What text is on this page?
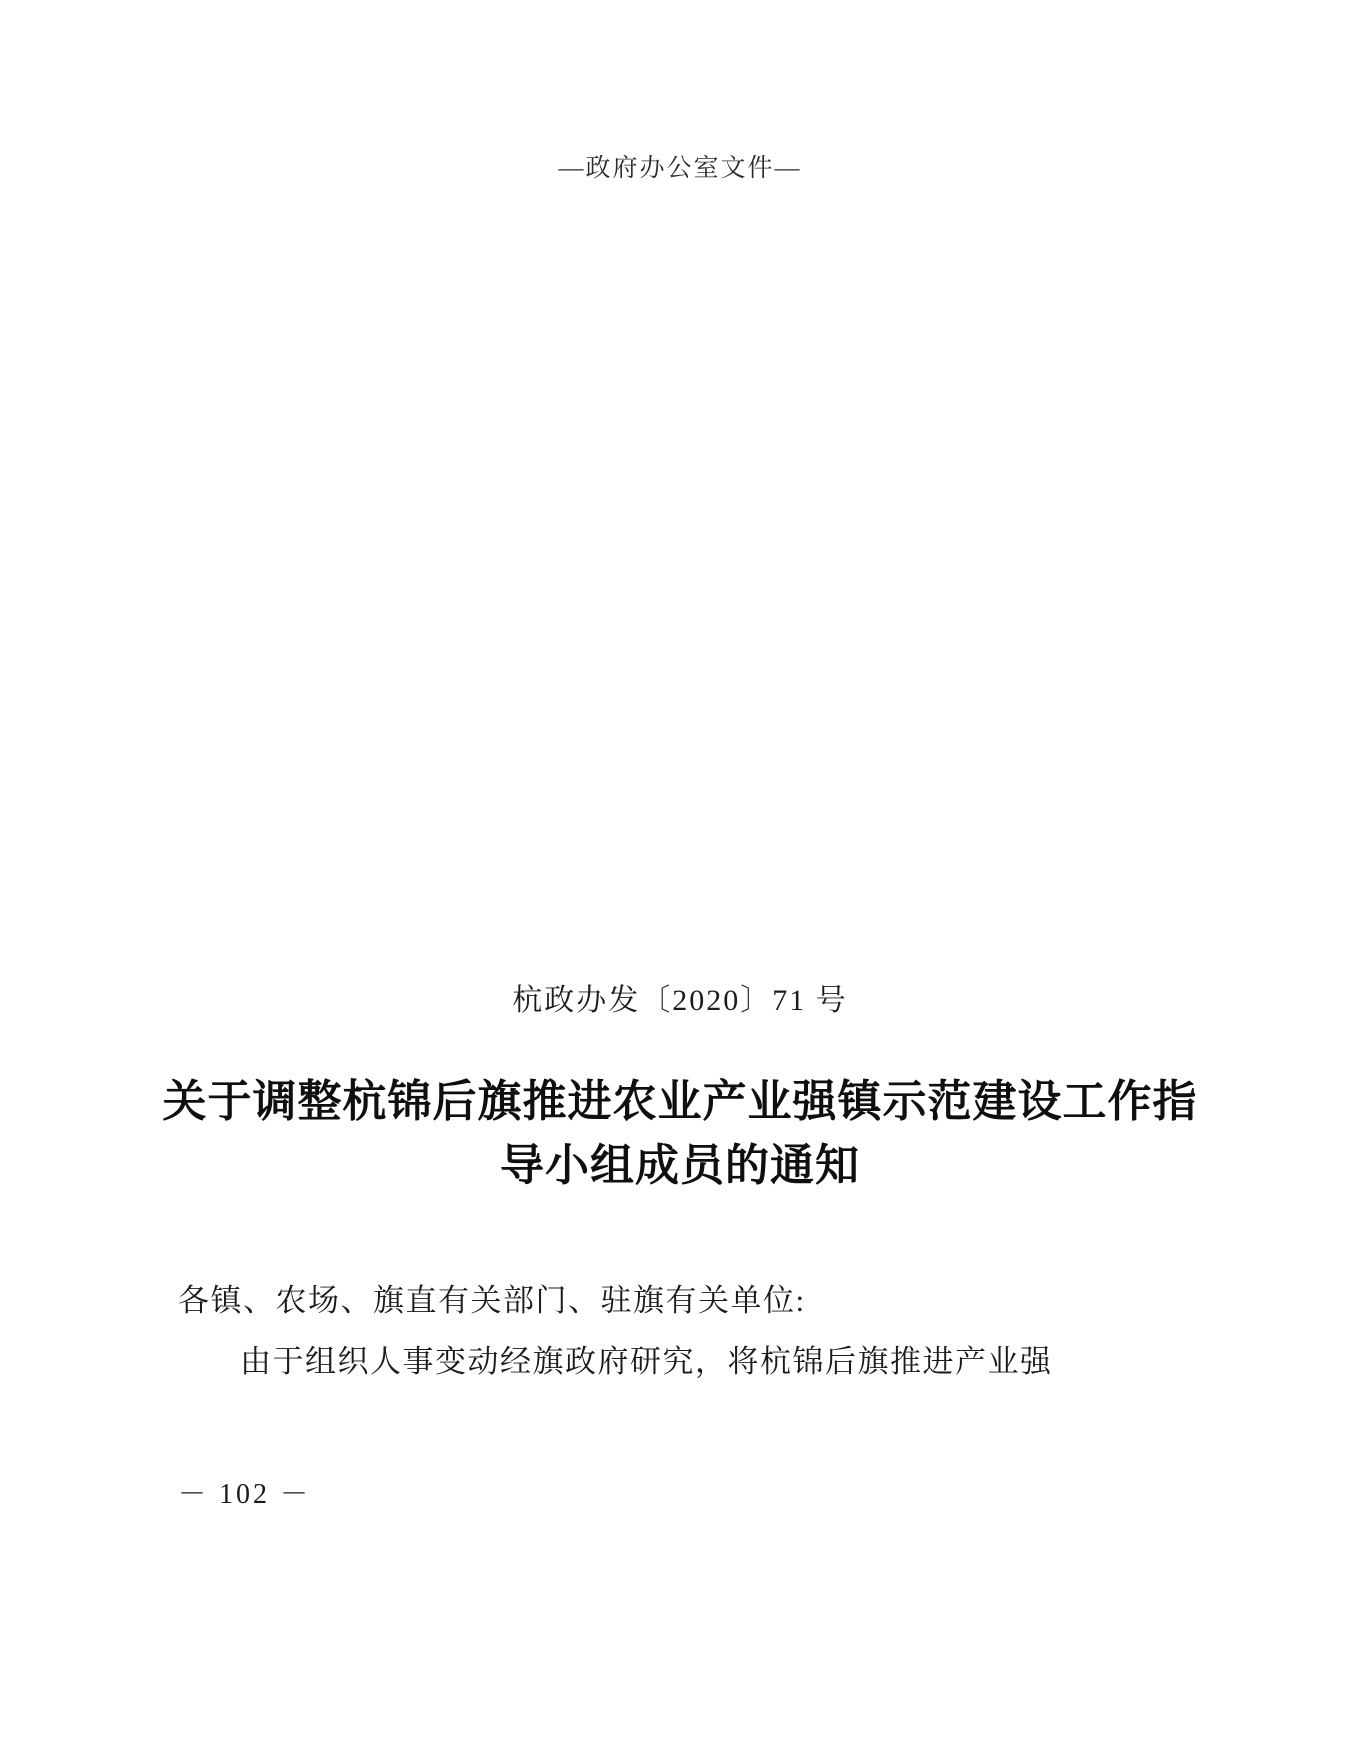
—政府办公室文件—
杭政办发〔2020〕71 号
关于调整杭锦后旗推进农业产业强镇示范建设工作指导小组成员的通知
各镇、农场、旗直有关部门、驻旗有关单位:
由于组织人事变动经旗政府研究，将杭锦后旗推进产业强
－ 102 －
